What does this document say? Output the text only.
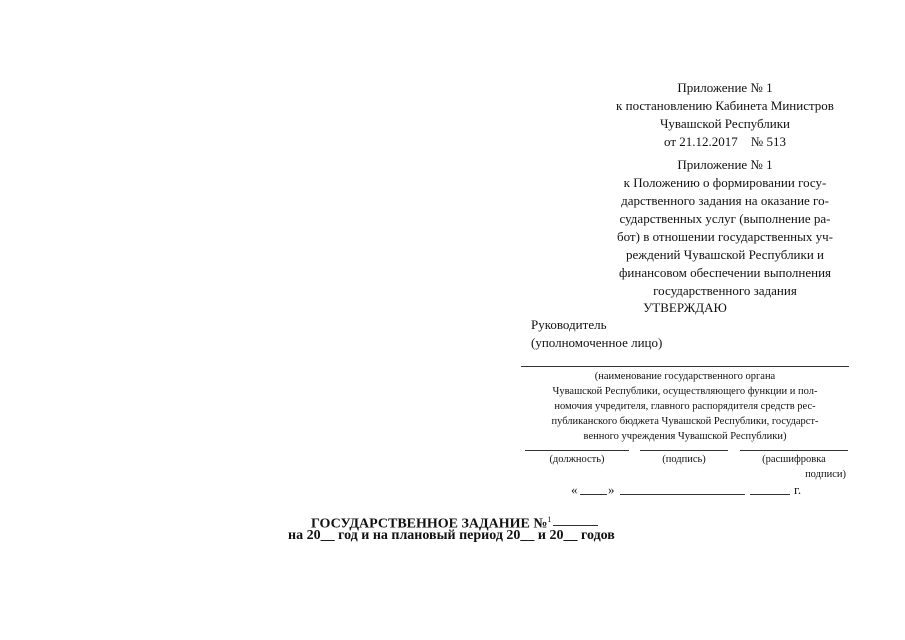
Приложение № 1
к постановлению Кабинета Министров
Чувашской Республики
от 21.12.2017    № 513
Приложение № 1
к Положению о формировании госу-
дарственного задания на оказание го-
сударственных услуг (выполнение ра-
бот) в отношении государственных уч-
реждений Чувашской Республики и
финансовом обеспечении выполнения
государственного задания
УТВЕРЖДАЮ
Руководитель
(уполномоченное лицо)
(наименование государственного органа
Чувашской Республики, осуществляющего функции и пол-
номочия учредителя, главного распорядителя средств рес-
публиканского бюджета Чувашской Республики, государст-
венного учреждения Чувашской Республики)
(должность)	(подпись)	(расшифровка
подписи)
« »	г.
ГОСУДАРСТВЕННОЕ ЗАДАНИЕ №$^1$
на 20__ год и на плановый период 20__ и 20__ годов
